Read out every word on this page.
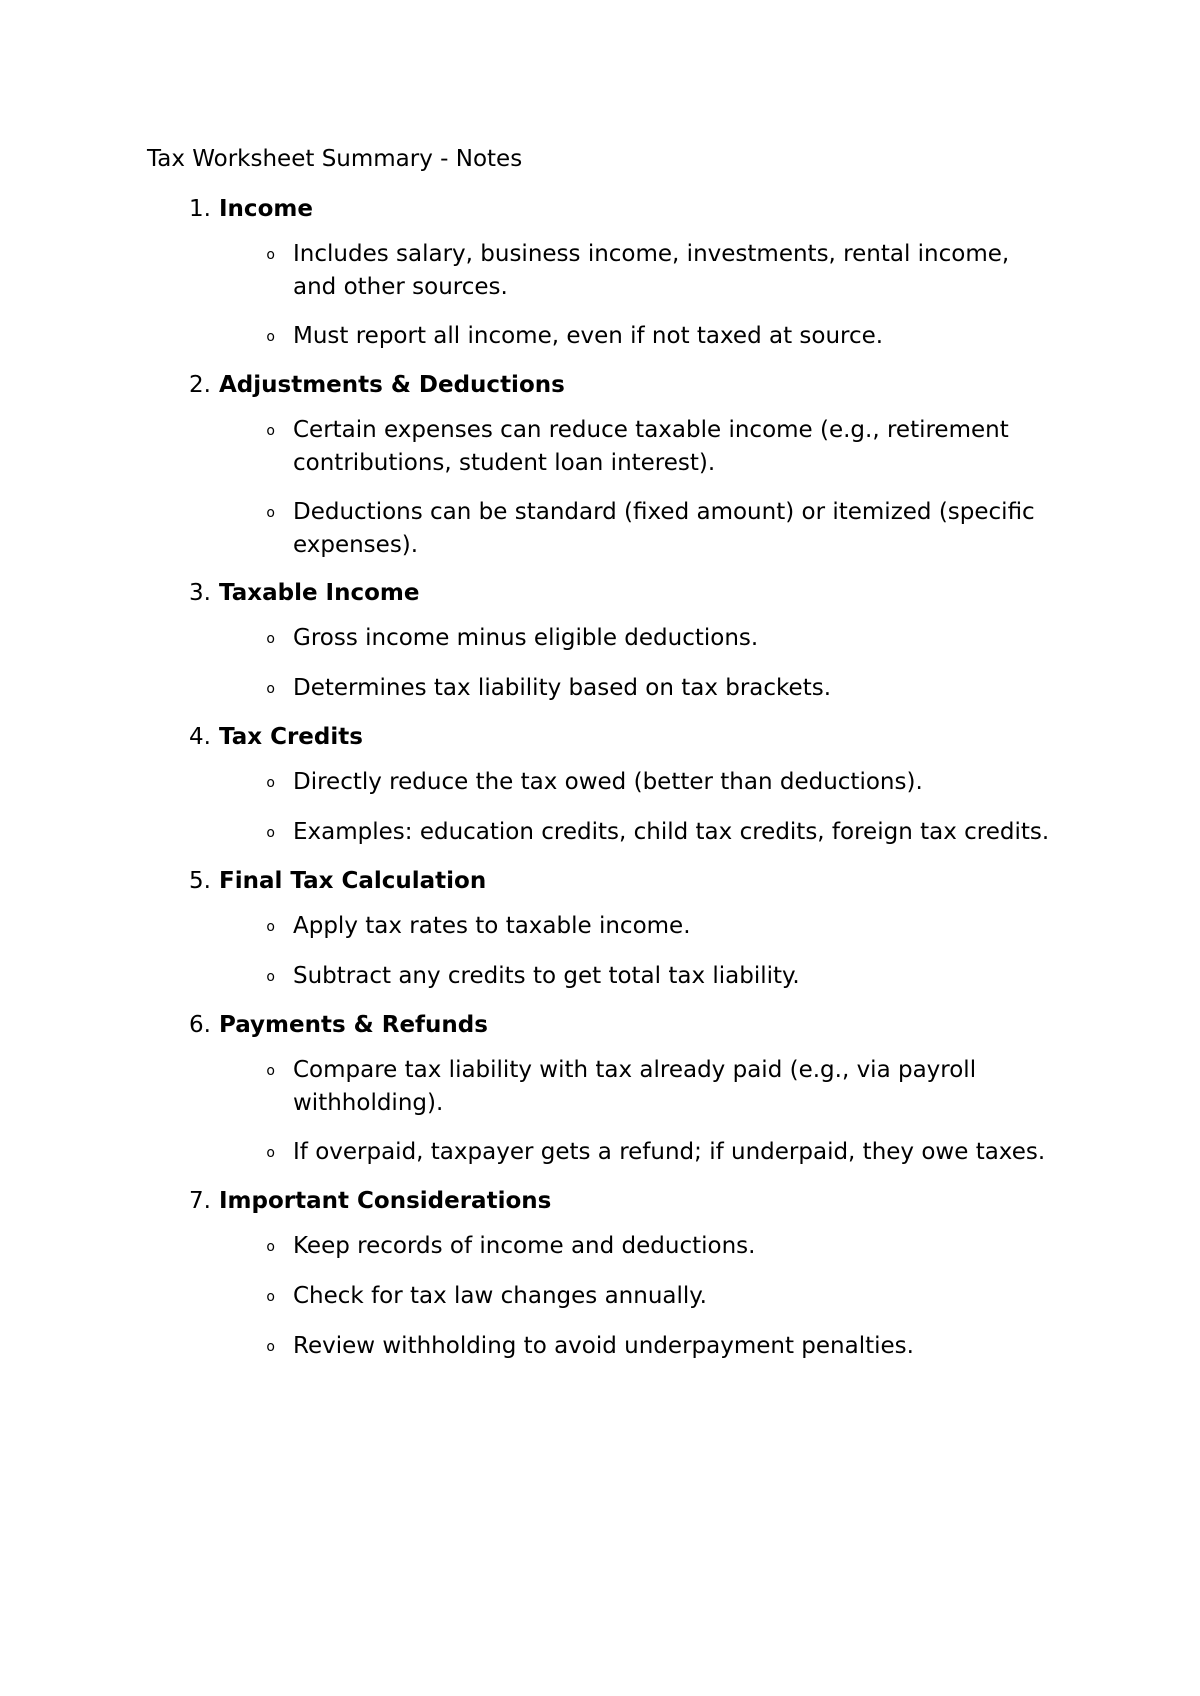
Tax Worksheet Summary - Notes
1. Income
o Includes salary, business income, investments, rental income, and other sources.
o Must report all income, even if not taxed at source.
2. Adjustments & Deductions
o Certain expenses can reduce taxable income (e.g., retirement contributions, student loan interest).
o Deductions can be standard (fixed amount) or itemized (specific expenses).
3. Taxable Income
o Gross income minus eligible deductions.
o Determines tax liability based on tax brackets.
4. Tax Credits
o Directly reduce the tax owed (better than deductions).
o Examples: education credits, child tax credits, foreign tax credits.
5. Final Tax Calculation
o Apply tax rates to taxable income.
o Subtract any credits to get total tax liability.
6. Payments & Refunds
o Compare tax liability with tax already paid (e.g., via payroll withholding).
o If overpaid, taxpayer gets a refund; if underpaid, they owe taxes.
7. Important Considerations
o Keep records of income and deductions.
o Check for tax law changes annually.
o Review withholding to avoid underpayment penalties.
